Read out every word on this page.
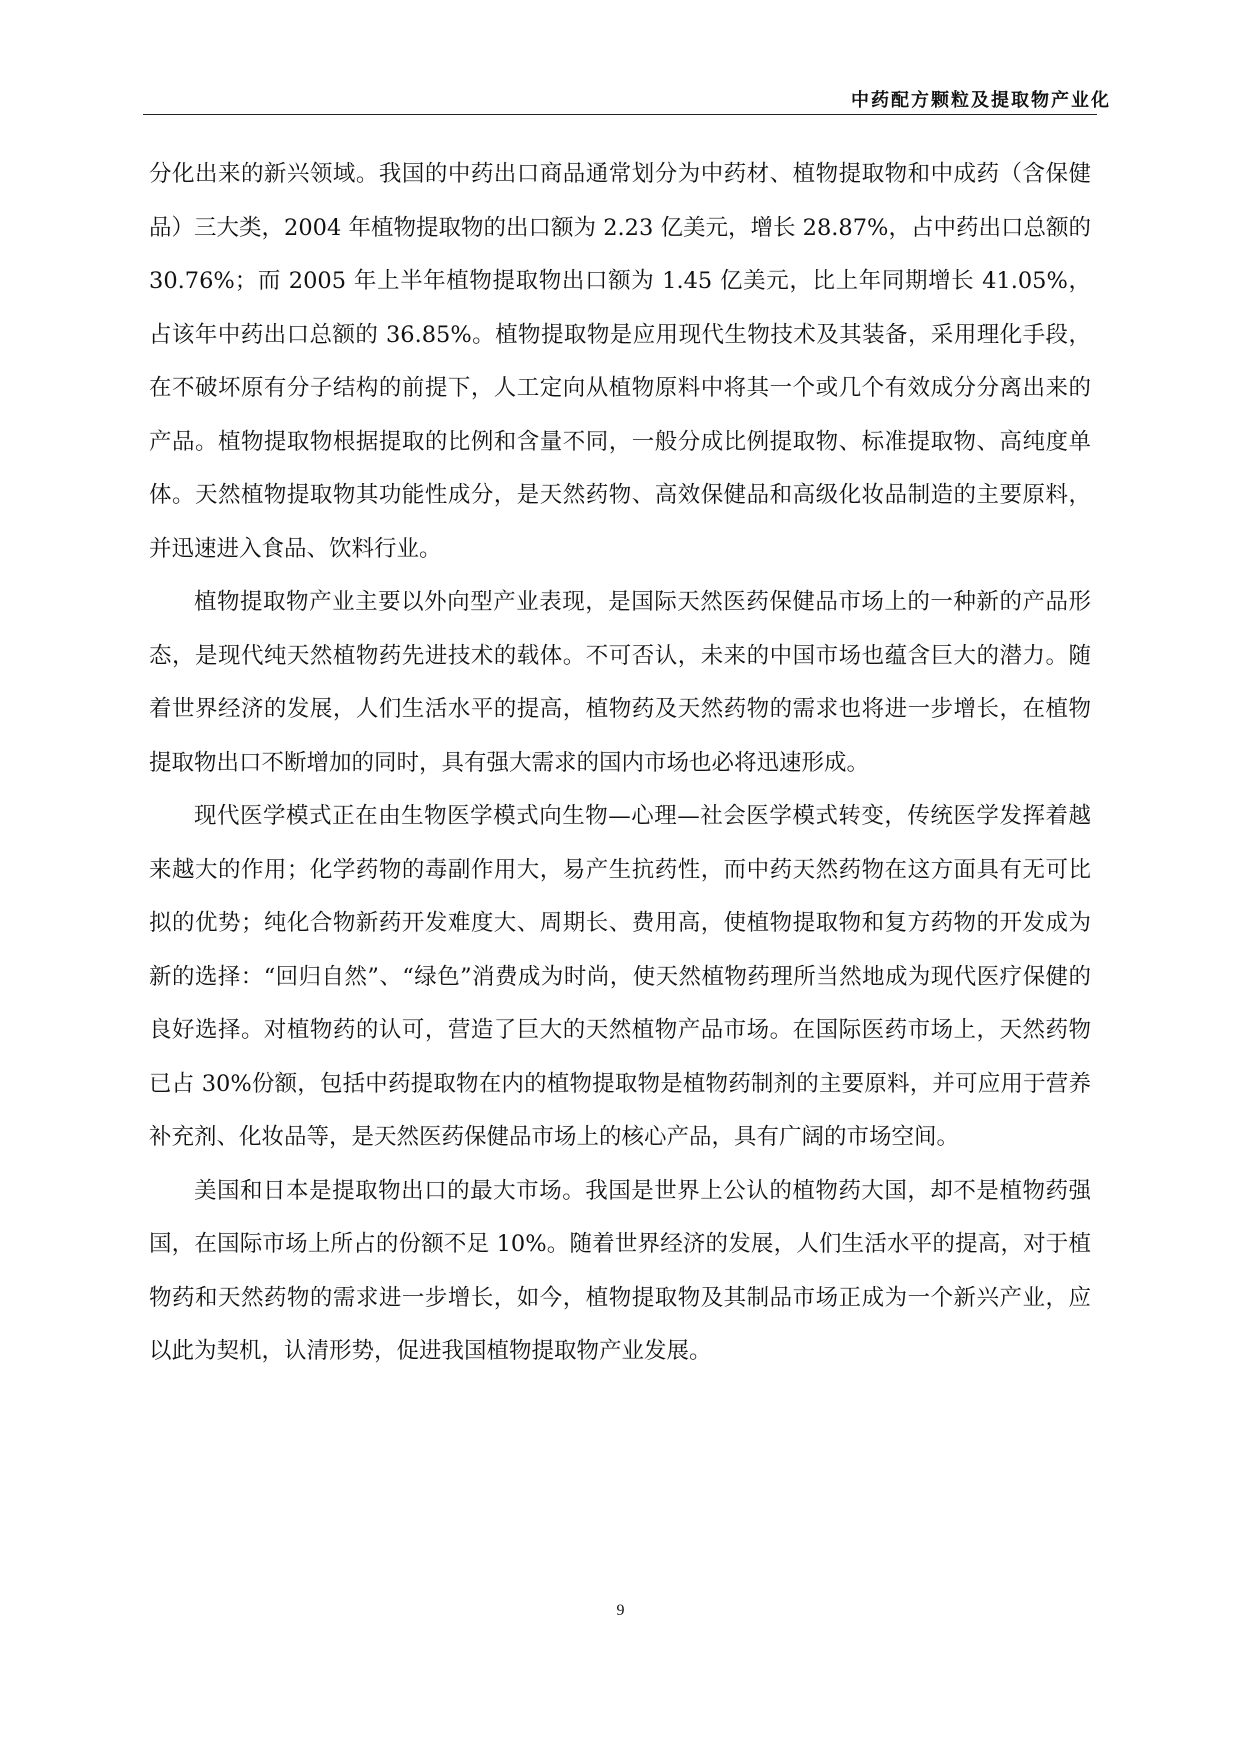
中药配方颗粒及提取物产业化

分化出来的新兴领域。我国的中药出口商品通常划分为中药材、植物提取物和中成药（含保健品）三大类，2004 年植物提取物的出口额为 2.23 亿美元，增长 28.87%，占中药出口总额的 30.76%；而 2005 年上半年植物提取物出口额为 1.45 亿美元，比上年同期增长 41.05%，占该年中药出口总额的 36.85%。植物提取物是应用现代生物技术及其装备，采用理化手段，在不破坏原有分子结构的前提下，人工定向从植物原料中将其一个或几个有效成分分离出来的产品。植物提取物根据提取的比例和含量不同，一般分成比例提取物、标准提取物、高纯度单体。天然植物提取物其功能性成分，是天然药物、高效保健品和高级化妆品制造的主要原料，并迅速进入食品、饮料行业。

植物提取物产业主要以外向型产业表现，是国际天然医药保健品市场上的一种新的产品形态，是现代纯天然植物药先进技术的载体。不可否认，未来的中国市场也蕴含巨大的潜力。随着世界经济的发展，人们生活水平的提高，植物药及天然药物的需求也将进一步增长，在植物提取物出口不断增加的同时，具有强大需求的国内市场也必将迅速形成。

现代医学模式正在由生物医学模式向生物—心理—社会医学模式转变，传统医学发挥着越来越大的作用；化学药物的毒副作用大，易产生抗药性，而中药天然药物在这方面具有无可比拟的优势；纯化合物新药开发难度大、周期长、费用高，使植物提取物和复方药物的开发成为新的选择：“回归自然”、“绿色”消费成为时尚，使天然植物药理所当然地成为现代医疗保健的良好选择。对植物药的认可，营造了巨大的天然植物产品市场。在国际医药市场上，天然药物已占 30%份额，包括中药提取物在内的植物提取物是植物药制剂的主要原料，并可应用于营养补充剂、化妆品等，是天然医药保健品市场上的核心产品，具有广阔的市场空间。

美国和日本是提取物出口的最大市场。我国是世界上公认的植物药大国，却不是植物药强国，在国际市场上所占的份额不足 10%。随着世界经济的发展，人们生活水平的提高，对于植物药和天然药物的需求进一步增长，如今，植物提取物及其制品市场正成为一个新兴产业，应以此为契机，认清形势，促进我国植物提取物产业发展。

9
